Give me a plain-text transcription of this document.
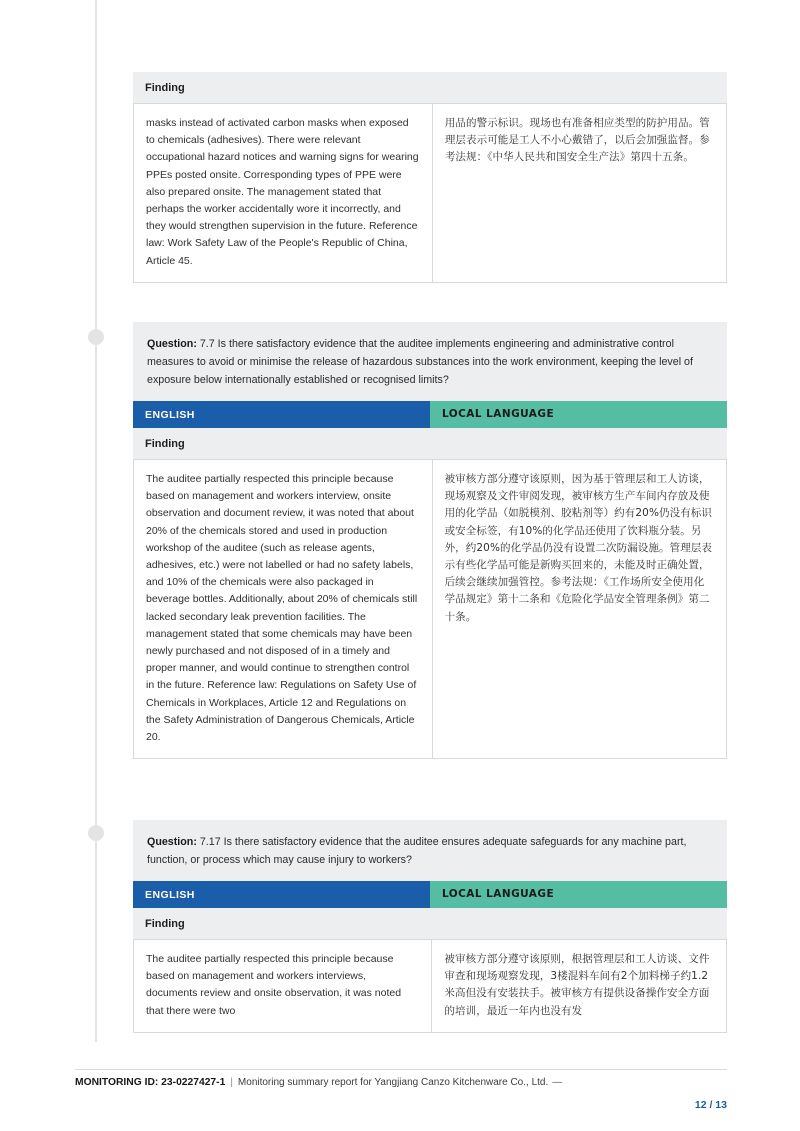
Finding
masks instead of activated carbon masks when exposed to chemicals (adhesives). There were relevant occupational hazard notices and warning signs for wearing PPEs posted onsite. Corresponding types of PPE were also prepared onsite. The management stated that perhaps the worker accidentally wore it incorrectly, and they would strengthen supervision in the future. Reference law: Work Safety Law of the People's Republic of China, Article 45.	用品的警示标识。现场也有准备相应类型的防护用品。管理层表示可能是工人不小心戴错了，以后会加强监督。参考法规：《中华人民共和国安全生产法》第四十五条。
Question: 7.7 Is there satisfactory evidence that the auditee implements engineering and administrative control measures to avoid or minimise the release of hazardous substances into the work environment, keeping the level of exposure below internationally established or recognised limits?
ENGLISH	LOCAL LANGUAGE
Finding
The auditee partially respected this principle because based on management and workers interview, onsite observation and document review, it was noted that about 20% of the chemicals stored and used in production workshop of the auditee (such as release agents, adhesives, etc.) were not labelled or had no safety labels, and 10% of the chemicals were also packaged in beverage bottles. Additionally, about 20% of chemicals still lacked secondary leak prevention facilities. The management stated that some chemicals may have been newly purchased and not disposed of in a timely and proper manner, and would continue to strengthen control in the future. Reference law: Regulations on Safety Use of Chemicals in Workplaces, Article 12 and Regulations on the Safety Administration of Dangerous Chemicals, Article 20.	被审核方部分遵守该原则，因为基于管理层和工人访谈，现场观察及文件审阅发现，被审核方生产车间内存放及使用的化学品（如脱模剂、胶粘剂等）约有20%仍没有标识或安全标签，有10%的化学品还使用了饮料瓶分装。另外，约20%的化学品仍没有设置二次防漏设施。管理层表示有些化学品可能是新购买回来的，未能及时正确处置，后续会继续加强管控。参考法规：《工作场所安全使用化学品规定》第十二条和《危险化学品安全管理条例》第二十条。
Question: 7.17 Is there satisfactory evidence that the auditee ensures adequate safeguards for any machine part, function, or process which may cause injury to workers?
ENGLISH	LOCAL LANGUAGE
Finding
The auditee partially respected this principle because based on management and workers interviews, documents review and onsite observation, it was noted that there were two	被审核方部分遵守该原则，根据管理层和工人访谈、文件审查和现场观察发现，3楼混料车间有2个加料梯子约1.2米高但没有安装扶手。被审核方有提供设备操作安全方面的培训，最近一年内也没有发
MONITORING ID: 23-0227427-1 | Monitoring summary report for Yangjiang Canzo Kitchenware Co., Ltd. —
12 / 13
